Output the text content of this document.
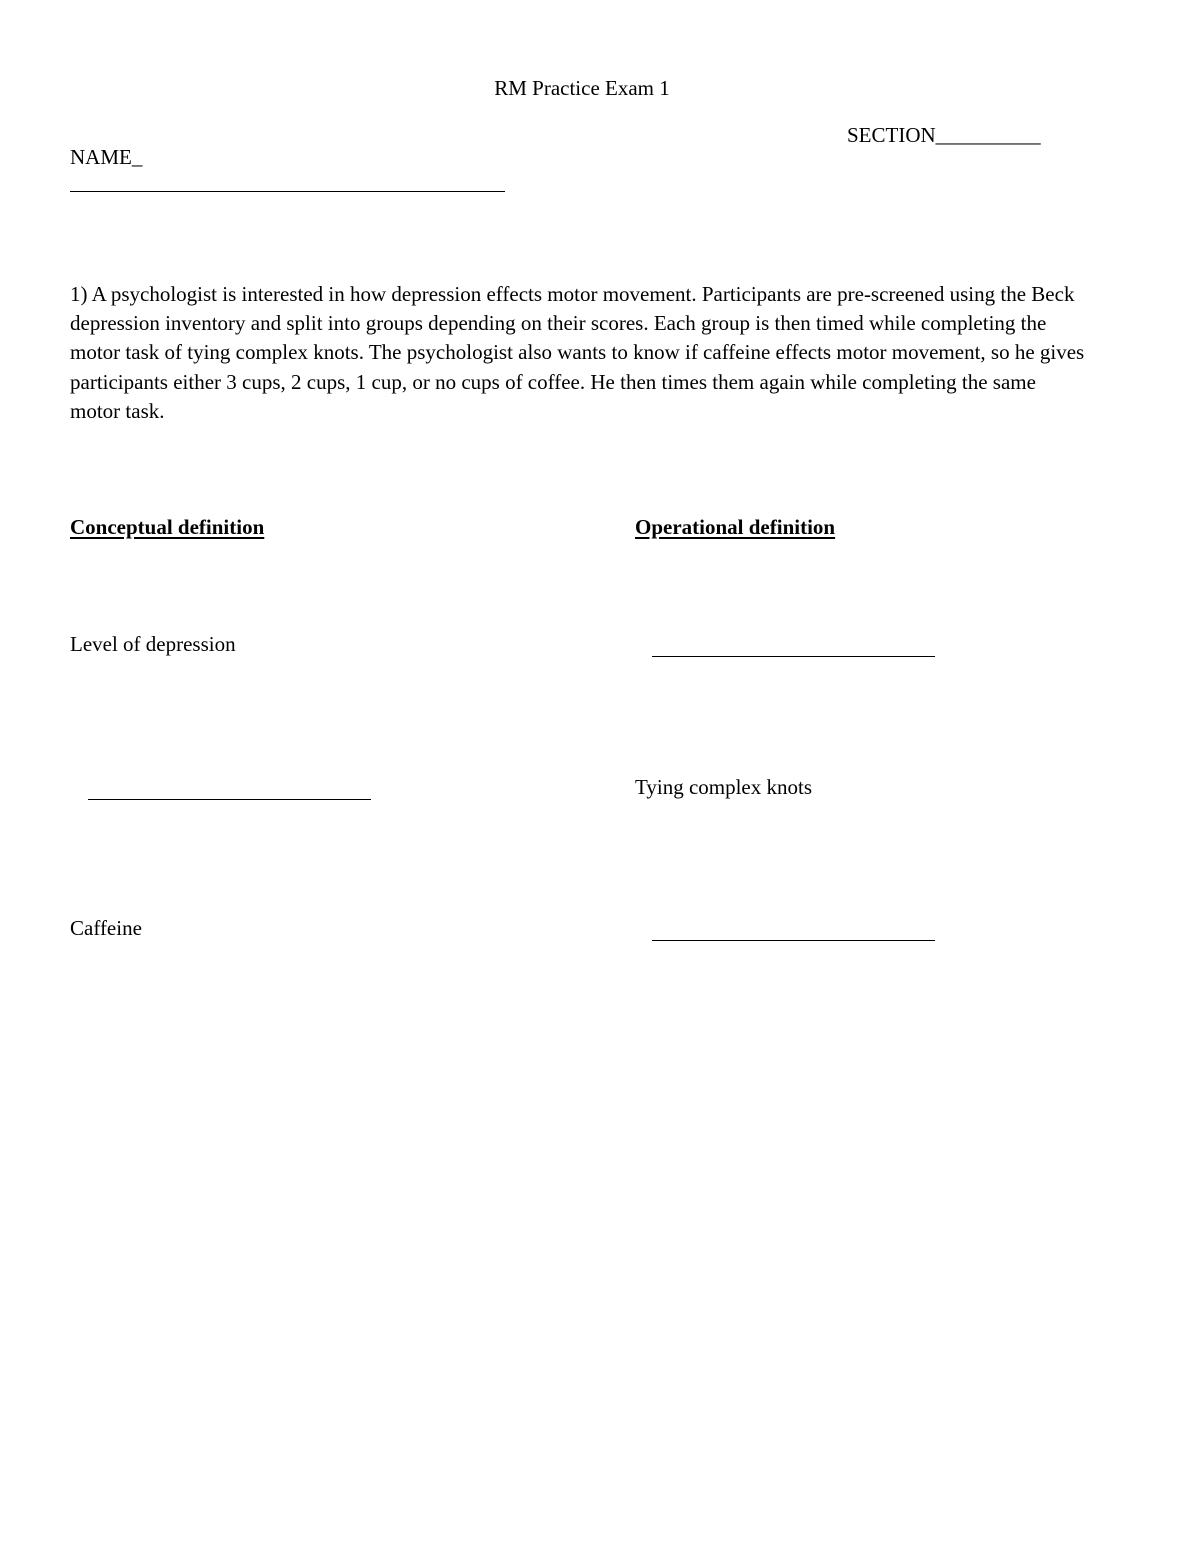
RM Practice Exam 1
SECTION__________
NAME_
1) A psychologist is interested in how depression effects motor movement. Participants are pre-screened using the Beck depression inventory and split into groups depending on their scores. Each group is then timed while completing the motor task of tying complex knots. The psychologist also wants to know if caffeine effects motor movement, so he gives participants either 3 cups, 2 cups, 1 cup, or no cups of coffee. He then times them again while completing the same motor task.
Conceptual definition	Operational definition
Level of depression
Tying complex knots
Caffeine
